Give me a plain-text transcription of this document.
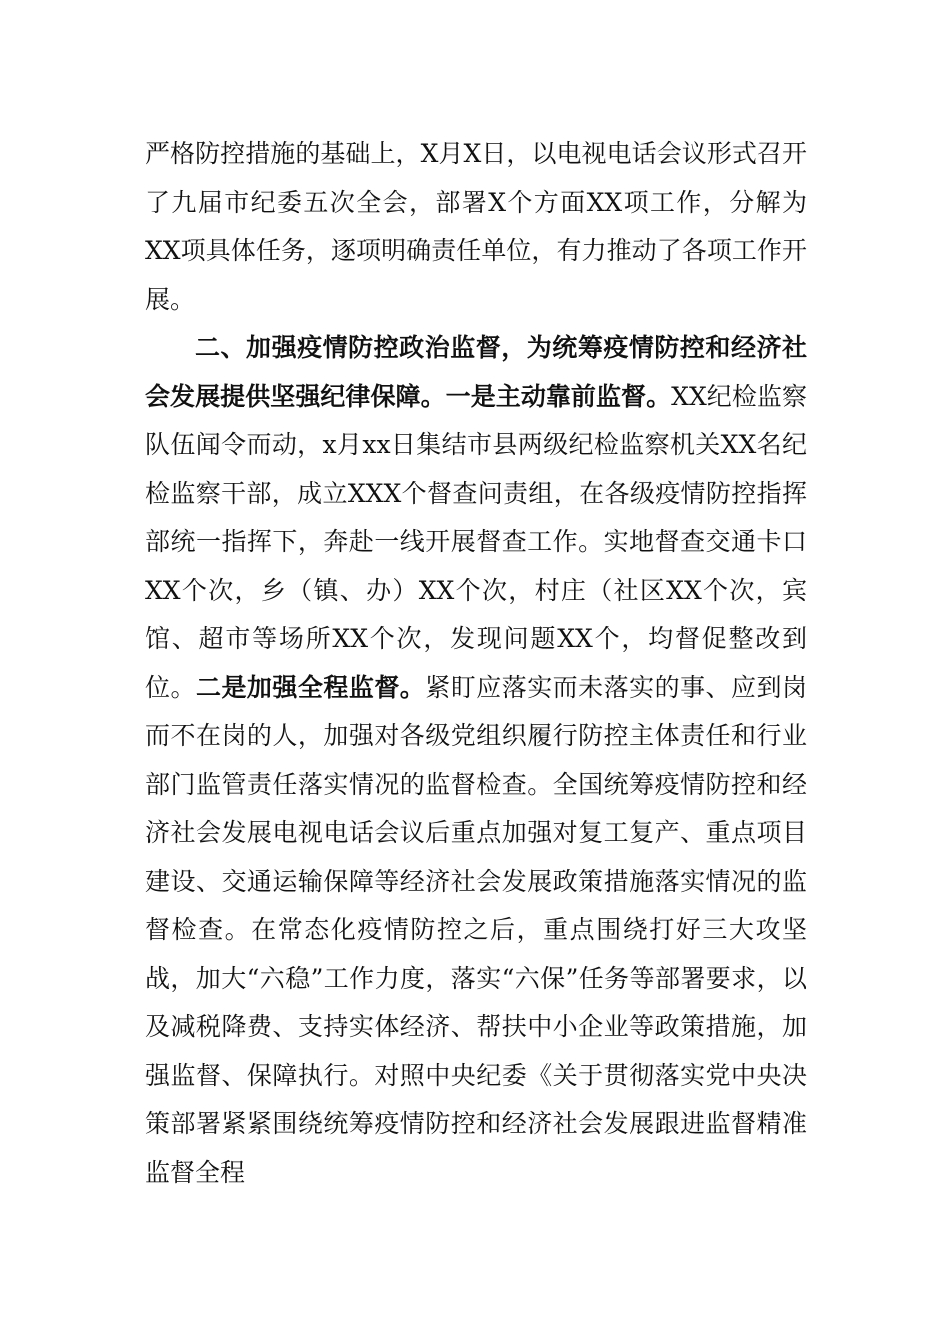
严格防控措施的基础上，X月X日，以电视电话会议形式召开了九届市纪委五次全会，部署X个方面XX项工作，分解为XX项具体任务，逐项明确责任单位，有力推动了各项工作开展。

二、加强疫情防控政治监督，为统筹疫情防控和经济社会发展提供坚强纪律保障。一是主动靠前监督。XX纪检监察队伍闻令而动，x月xx日集结市县两级纪检监察机关XX名纪检监察干部，成立XXX个督查问责组，在各级疫情防控指挥部统一指挥下，奔赴一线开展督查工作。实地督查交通卡口XX个次，乡（镇、办）XX个次，村庄（社区XX个次，宾馆、超市等场所XX个次，发现问题XX个，均督促整改到位。二是加强全程监督。紧盯应落实而未落实的事、应到岗而不在岗的人，加强对各级党组织履行防控主体责任和行业部门监管责任落实情况的监督检查。全国统筹疫情防控和经济社会发展电视电话会议后重点加强对复工复产、重点项目建设、交通运输保障等经济社会发展政策措施落实情况的监督检查。在常态化疫情防控之后，重点围绕打好三大攻坚战，加大“六稳”工作力度，落实“六保”任务等部署要求，以及减税降费、支持实体经济、帮扶中小企业等政策措施，加强监督、保障执行。对照中央纪委《关于贯彻落实党中央决策部署紧紧围绕统筹疫情防控和经济社会发展跟进监督精准监督全程
